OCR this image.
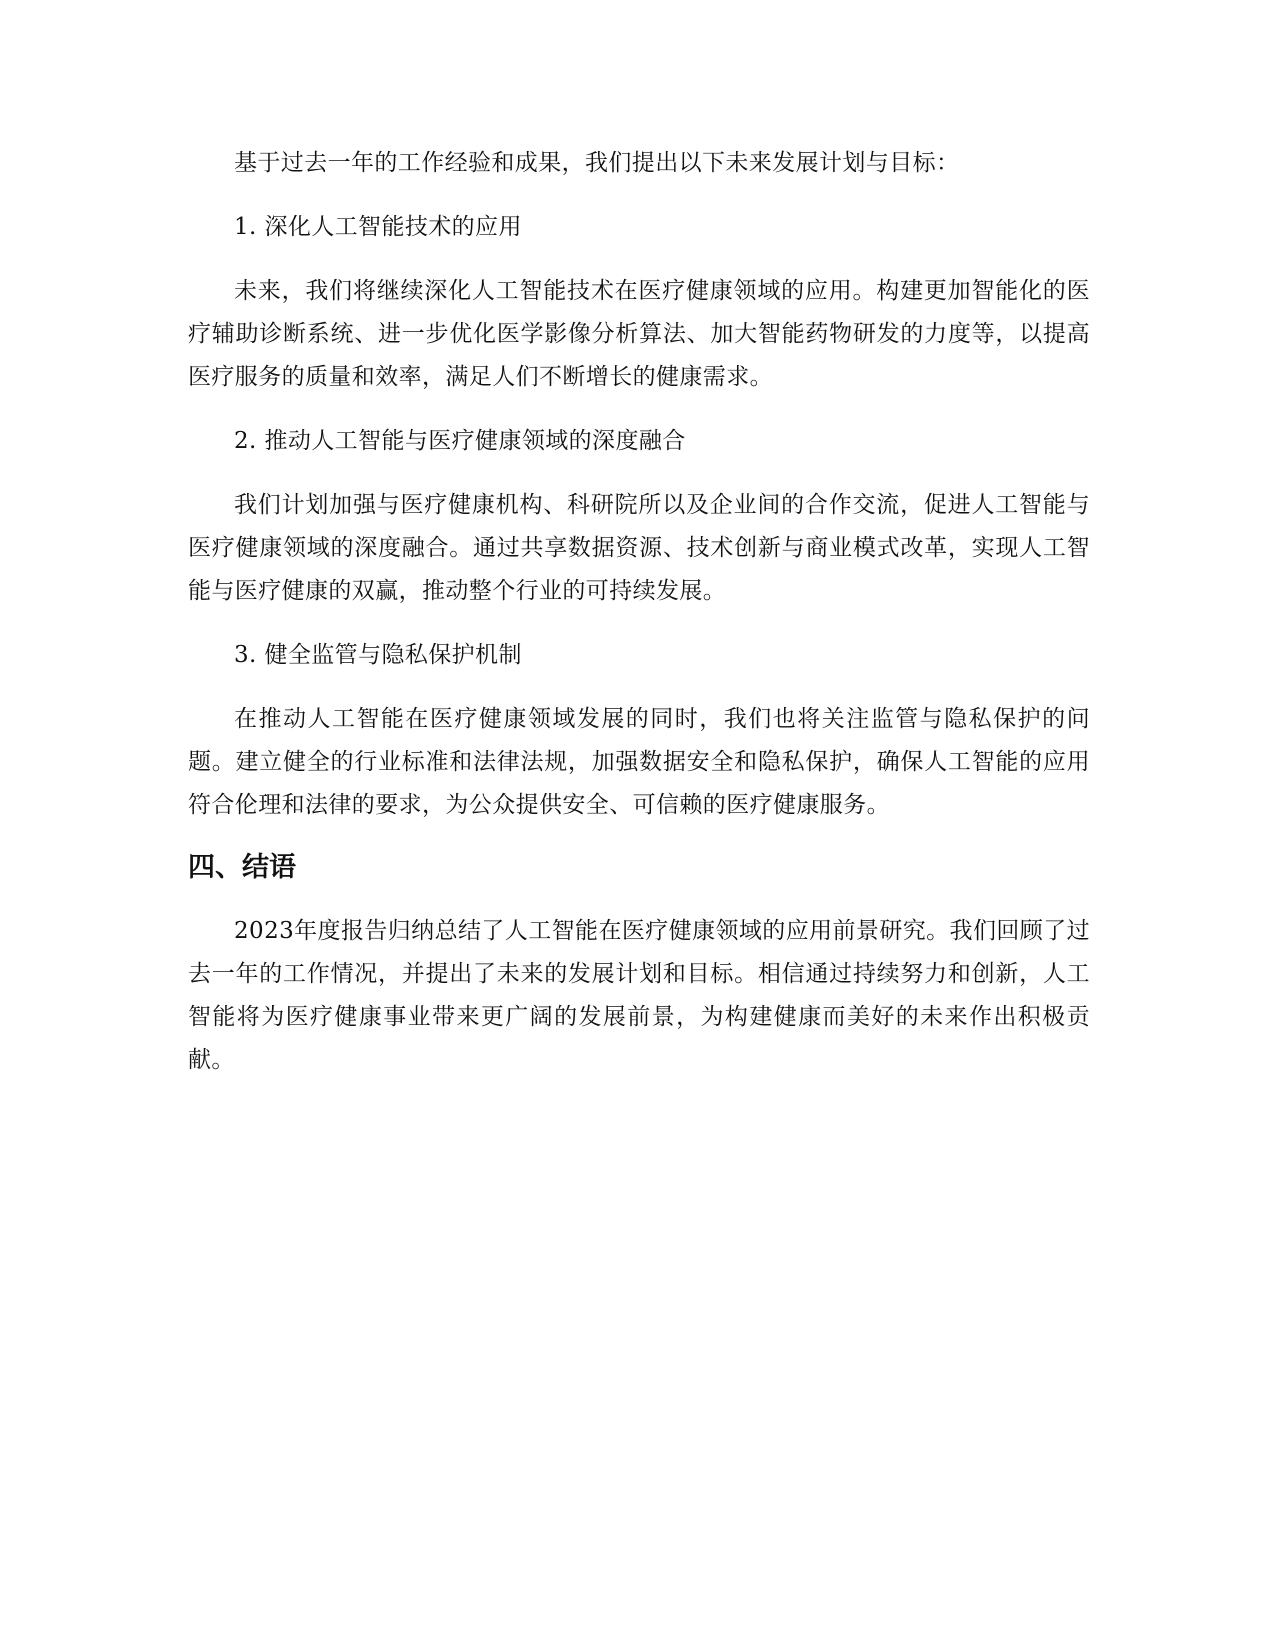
基于过去一年的工作经验和成果，我们提出以下未来发展计划与目标：

1. 深化人工智能技术的应用

未来，我们将继续深化人工智能技术在医疗健康领域的应用。构建更加智能化的医疗辅助诊断系统、进一步优化医学影像分析算法、加大智能药物研发的力度等，以提高医疗服务的质量和效率，满足人们不断增长的健康需求。

2. 推动人工智能与医疗健康领域的深度融合

我们计划加强与医疗健康机构、科研院所以及企业间的合作交流，促进人工智能与医疗健康领域的深度融合。通过共享数据资源、技术创新与商业模式改革，实现人工智能与医疗健康的双赢，推动整个行业的可持续发展。

3. 健全监管与隐私保护机制

在推动人工智能在医疗健康领域发展的同时，我们也将关注监管与隐私保护的问题。建立健全的行业标准和法律法规，加强数据安全和隐私保护，确保人工智能的应用符合伦理和法律的要求，为公众提供安全、可信赖的医疗健康服务。

四、结语

2023年度报告归纳总结了人工智能在医疗健康领域的应用前景研究。我们回顾了过去一年的工作情况，并提出了未来的发展计划和目标。相信通过持续努力和创新，人工智能将为医疗健康事业带来更广阔的发展前景，为构建健康而美好的未来作出积极贡献。
